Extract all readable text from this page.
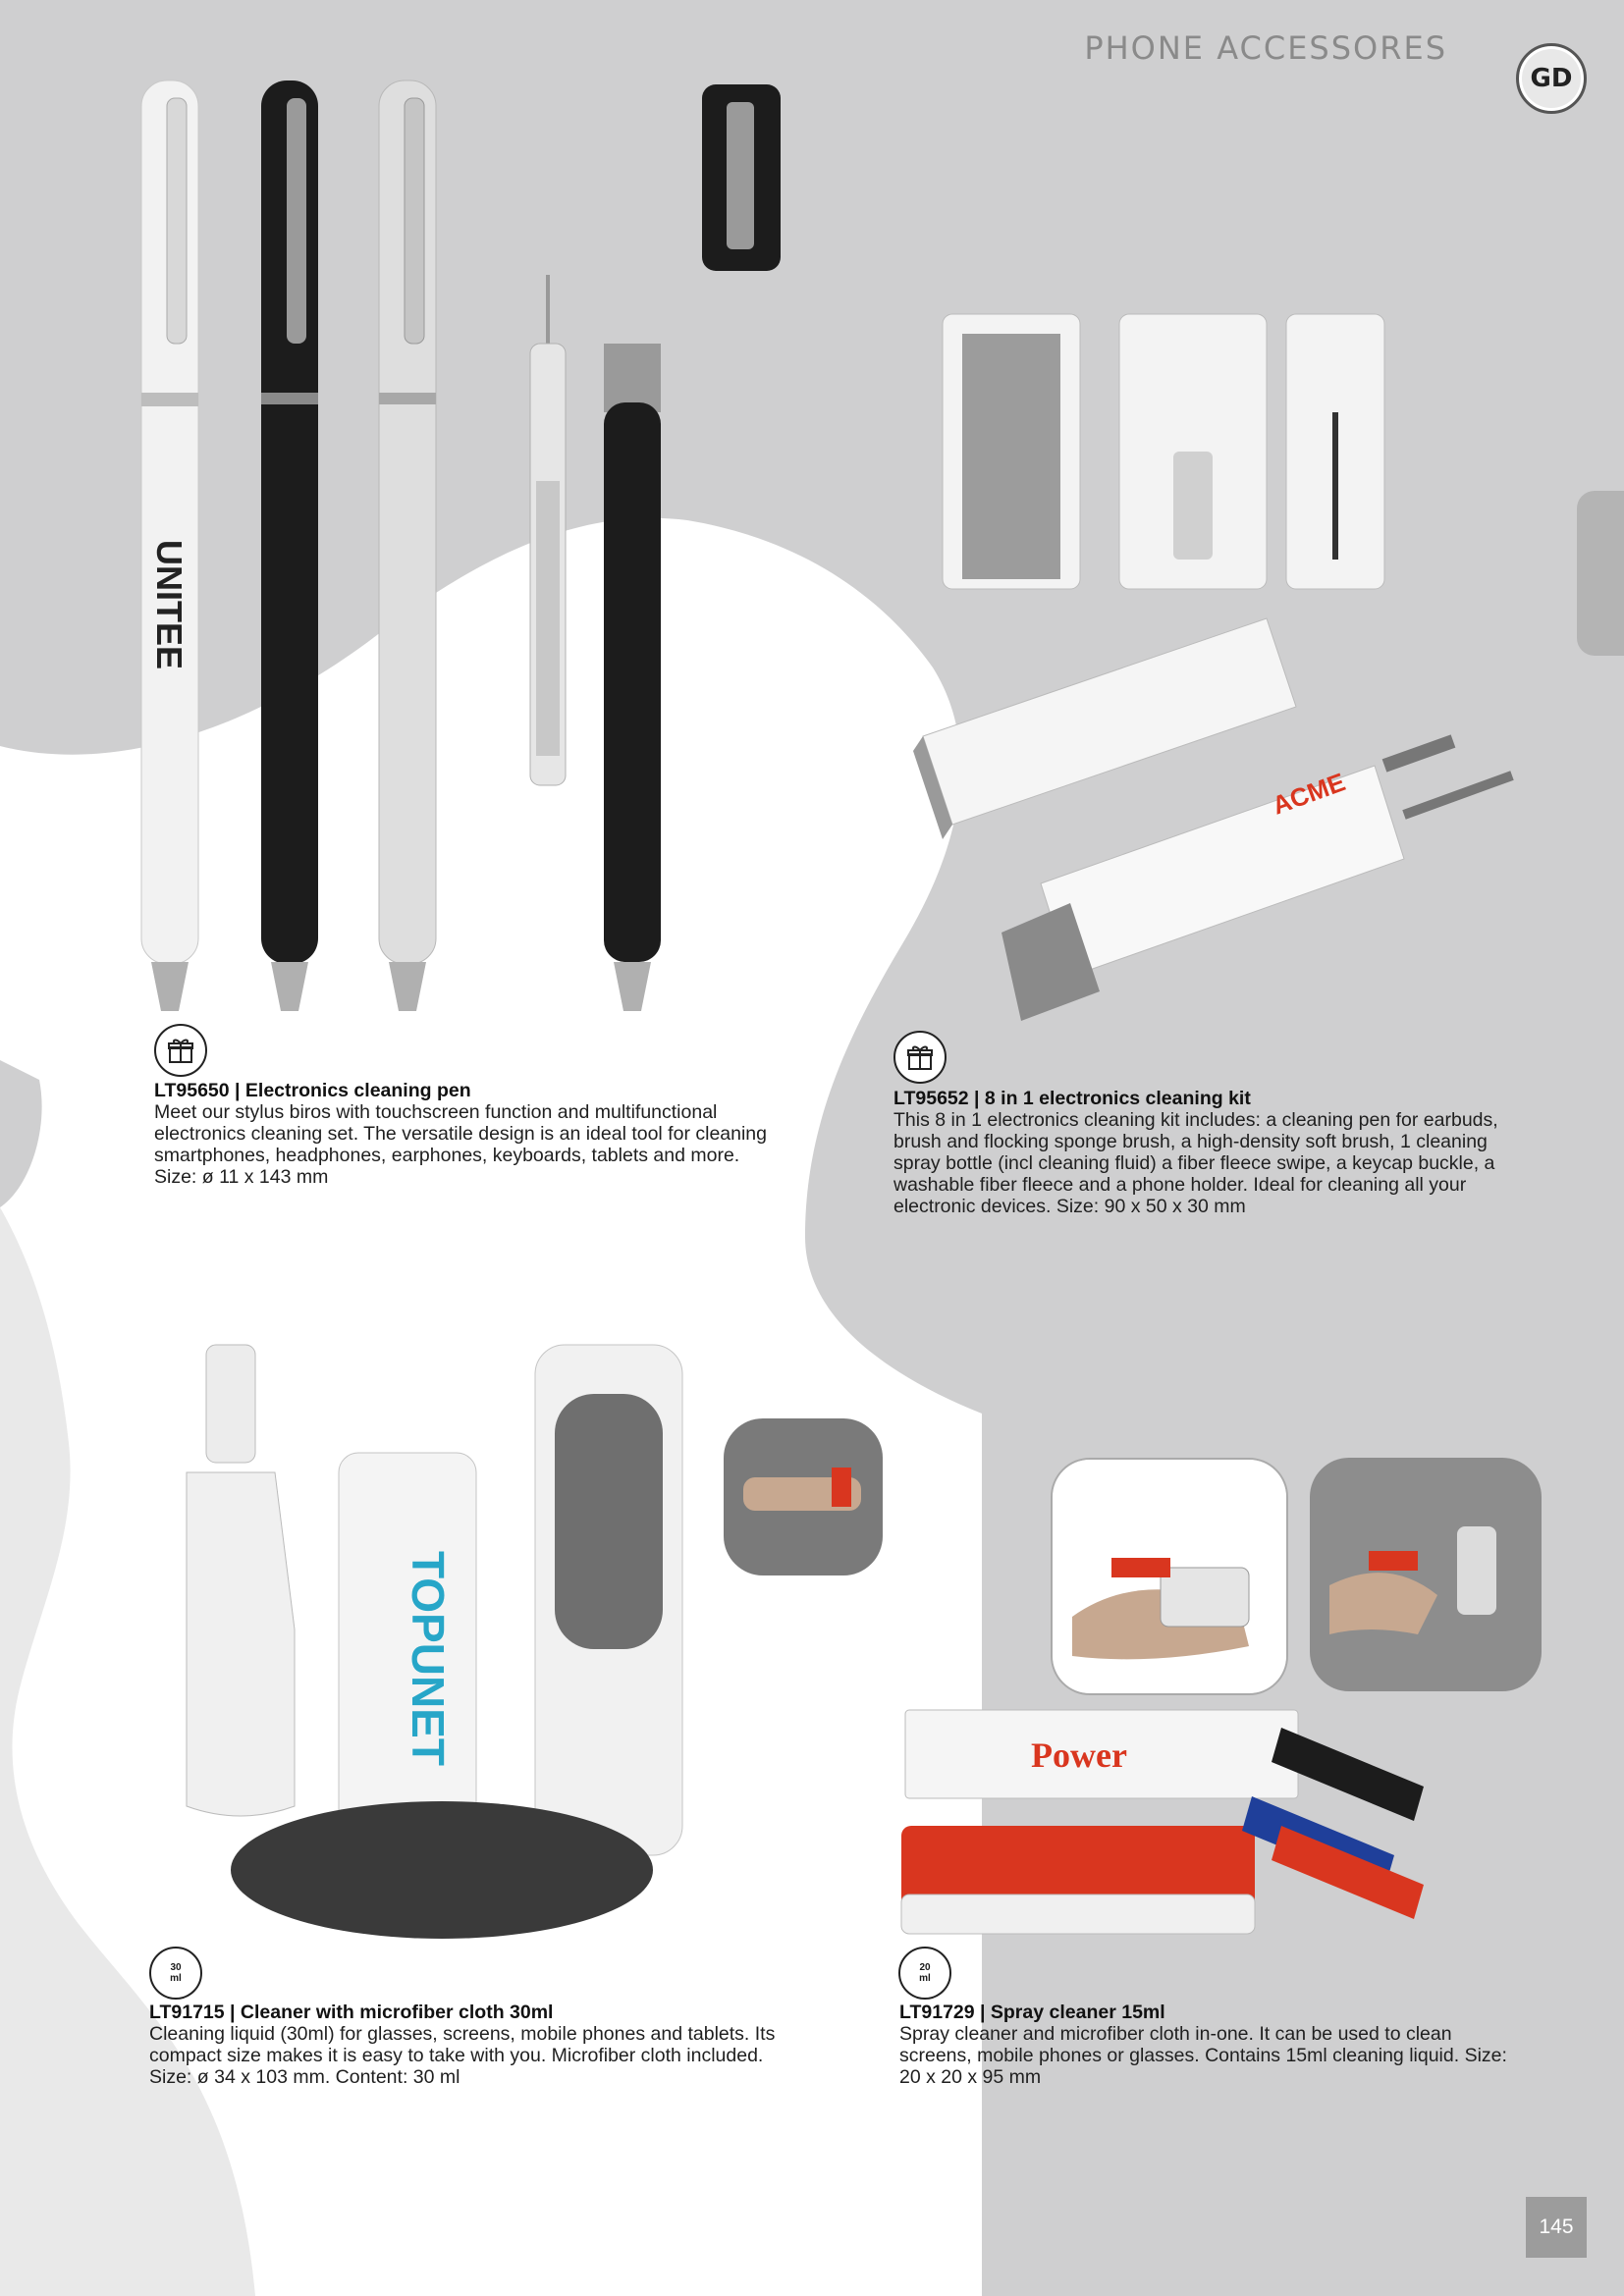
PHONE ACCESSORES
GD
UNITEE
LT95650 | Electronics cleaning pen
Meet our stylus biros with touchscreen function and multifunctional electronics cleaning set. The versatile design is an ideal tool for cleaning smartphones, headphones, earphones, keyboards, tablets and more. Size: ø 11 x 143 mm
ACME
LT95652 | 8 in 1 electronics cleaning kit
This 8 in 1 electronics cleaning kit includes: a cleaning pen for earbuds, brush and flocking sponge brush, a high-density soft brush, 1 cleaning spray bottle (incl cleaning fluid) a fiber fleece swipe, a keycap buckle, a washable fiber fleece and a phone holder. Ideal for cleaning all your electronic devices. Size: 90 x 50 x 30 mm
TOPUNET
30
ml
LT91715 | Cleaner with microfiber cloth 30ml
Cleaning liquid (30ml) for glasses, screens, mobile phones and tablets. Its compact size makes it is easy to take with you. Microfiber cloth included. Size: ø 34 x 103 mm. Content: 30 ml
Power
20
ml
LT91729 | Spray cleaner 15ml
Spray cleaner and microfiber cloth in-one. It can be used to clean screens, mobile phones or glasses. Contains 15ml cleaning liquid. Size: 20 x 20 x 95 mm
145
